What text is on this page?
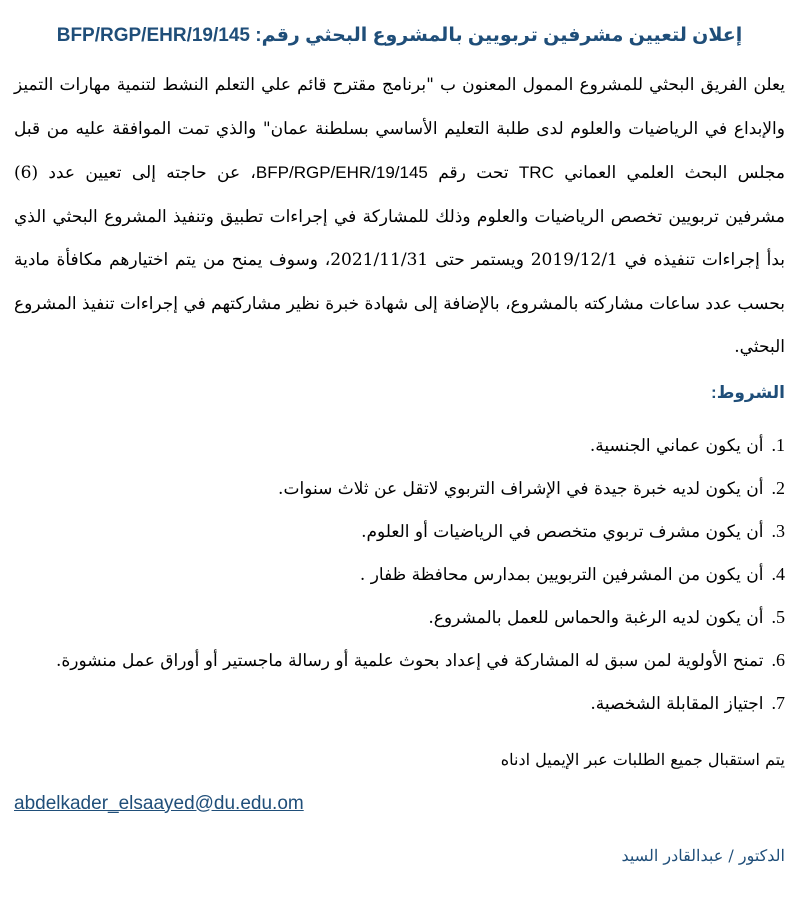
إعلان لتعيين مشرفين تربويين بالمشروع البحثي رقم: BFP/RGP/EHR/19/145

يعلن الفريق البحثي للمشروع الممول المعنون ب "برنامج مقترح قائم علي التعلم النشط لتنمية مهارات التميز والإبداع في الرياضيات والعلوم لدى طلبة التعليم الأساسي بسلطنة عمان" والذي تمت الموافقة عليه من قبل مجلس البحث العلمي العماني TRC تحت رقم BFP/RGP/EHR/19/145، عن حاجته إلى تعيين عدد (6) مشرفين تربويين تخصص الرياضيات والعلوم وذلك للمشاركة في إجراءات تطبيق وتنفيذ المشروع البحثي الذي بدأ إجراءات تنفيذه في 2019/12/1 ويستمر حتى 2021/11/31، وسوف يمنح من يتم اختيارهم مكافأة مادية بحسب عدد ساعات مشاركته بالمشروع، بالإضافة إلى شهادة خبرة نظير مشاركتهم في إجراءات تنفيذ المشروع البحثي.

الشروط:
1.أن يكون عماني الجنسية.
2.أن يكون لديه خبرة جيدة في الإشراف التربوي لاتقل عن ثلاث سنوات.
3.أن يكون مشرف تربوي متخصص في الرياضيات أو العلوم.
4.أن يكون من المشرفين التربويين بمدارس محافظة ظفار .
5.أن يكون لديه الرغبة والحماس للعمل بالمشروع.
6.تمنح الأولوية لمن سبق له المشاركة في إعداد بحوث علمية أو رسالة ماجستير أو أوراق عمل منشورة.
7.اجتياز المقابلة الشخصية.

يتم استقبال جميع الطلبات عبر الإيميل ادناه

abdelkader_elsaayed@du.edu.om
الدكتور / عبدالقادر السيد
